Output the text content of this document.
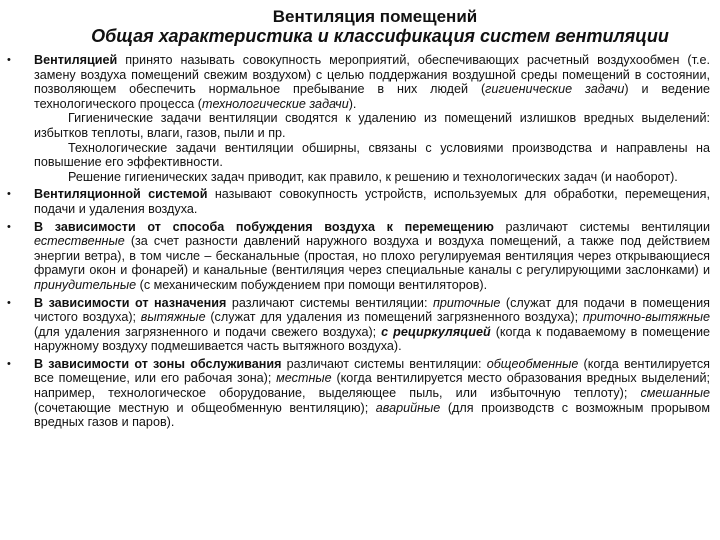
Вентиляция помещений
Общая характеристика и классификация систем вентиляции
• Вентиляцией принято называть совокупность мероприятий, обеспечивающих расчетный воздухообмен (т.е. замену воздуха помещений свежим воздухом) с целью поддержания воздушной среды помещений в состоянии, позволяющем обеспечить нормальное пребывание в них людей (гигиенические задачи) и ведение технологического процесса (технологические задачи).

Гигиенические задачи вентиляции сводятся к удалению из помещений излишков вредных выделений: избытков теплоты, влаги, газов, пыли и пр.

Технологические задачи вентиляции обширны, связаны с условиями производства и направлены на повышение его эффективности.

Решение гигиенических задач приводит, как правило, к решению и технологических задач (и наоборот).

• Вентиляционной системой называют совокупность устройств, используемых для обработки, перемещения, подачи и удаления воздуха.

• В зависимости от способа побуждения воздуха к перемещению различают системы вентиляции естественные (за счет разности давлений наружного воздуха и воздуха помещений, а также под действием энергии ветра), в том числе – бесканальные (простая, но плохо регулируемая вентиляция через открывающиеся фрамуги окон и фонарей) и канальные (вентиляция через специальные каналы с регулирующими заслонками) и принудительные (с механическим побуждением при помощи вентиляторов).

• В зависимости от назначения различают системы вентиляции: приточные (служат для подачи в помещения чистого воздуха); вытяжные (служат для удаления из помещений загрязненного воздуха); приточно-вытяжные (для удаления загрязненного и подачи свежего воздуха); с рециркуляцией (когда к подаваемому в помещение наружному воздуху подмешивается часть вытяжного воздуха).

• В зависимости от зоны обслуживания различают системы вентиляции: общеобменные (когда вентилируется все помещение, или его рабочая зона); местные (когда вентилируется место образования вредных выделений; например, технологическое оборудование, выделяющее пыль, или избыточную теплоту); смешанные (сочетающие местную и общеобменную вентиляцию); аварийные (для производств с возможным прорывом вредных газов и паров).
